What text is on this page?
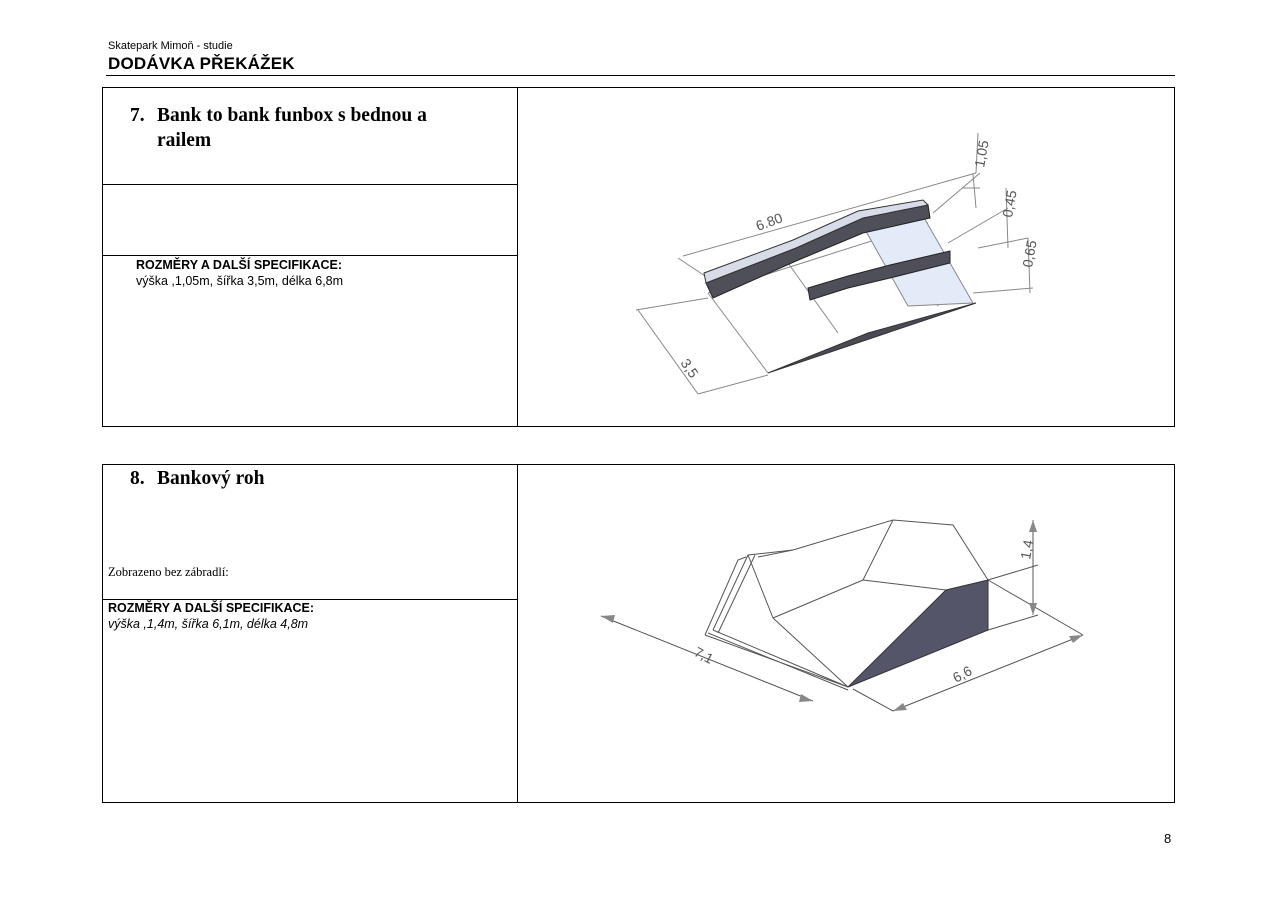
Skatepark Mimoň - studie
DODÁVKA PŘEKÁŽEK
7. Bank to bank funbox s bednou a
railem
ROZMĚRY A DALŠÍ SPECIFIKACE:
výška ,1,05m, šířka 3,5m, délka 6,8m
6.80
3,5
1,05
0,45
0,65
8. Bankový roh
Zobrazeno bez zábradlí:
ROZMĚRY A DALŠÍ SPECIFIKACE:
výška ,1,4m, šířka 6,1m, délka 4,8m
7,1
6,6
1,4
8
